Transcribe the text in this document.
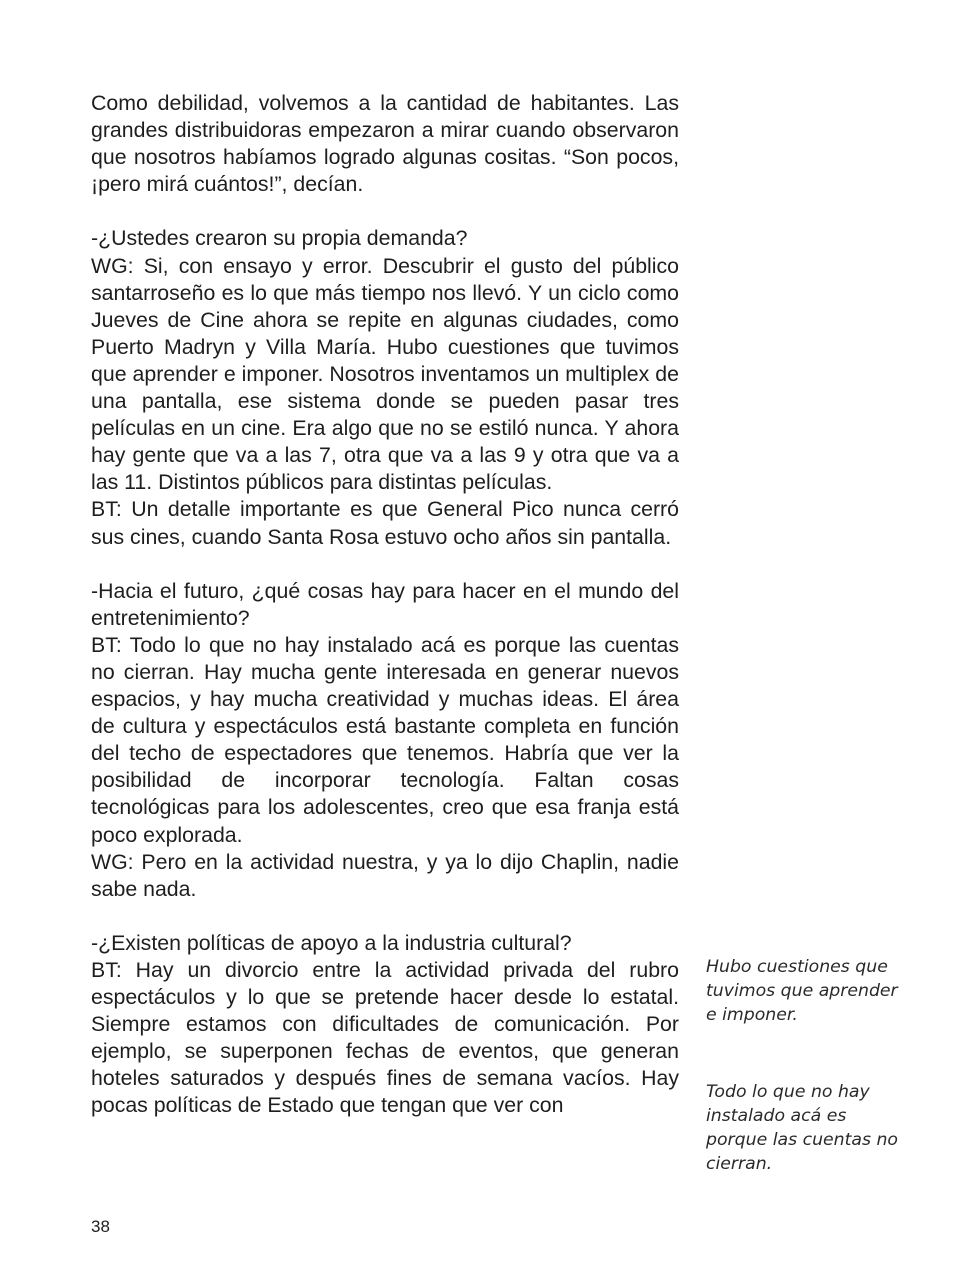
Como debilidad, volvemos a la cantidad de habitantes. Las grandes distribuidoras empezaron a mirar cuando observaron que nosotros habíamos logrado algunas cositas. “Son pocos, ¡pero mirá cuántos!”, decían.

-¿Ustedes crearon su propia demanda?

WG: Si, con ensayo y error. Descubrir el gusto del público santarroseño es lo que más tiempo nos llevó. Y un ciclo como Jueves de Cine ahora se repite en algunas ciudades, como Puerto Madryn y Villa María. Hubo cuestiones que tuvimos que aprender e imponer. Nosotros inventamos un multiplex de una pantalla, ese sistema donde se pueden pasar tres películas en un cine. Era algo que no se estiló nunca. Y ahora hay gente que va a las 7, otra que va a las 9 y otra que va a las 11. Distintos públicos para distintas películas.

BT: Un detalle importante es que General Pico nunca cerró sus cines, cuando Santa Rosa estuvo ocho años sin pantalla.

-Hacia el futuro, ¿qué cosas hay para hacer en el mundo del entretenimiento?

BT: Todo lo que no hay instalado acá es porque las cuentas no cierran. Hay mucha gente interesada en generar nuevos espacios, y hay mucha creatividad y muchas ideas. El área de cultura y espectáculos está bastante completa en función del techo de espectadores que tenemos. Habría que ver la posibilidad de incorporar tecnología. Faltan cosas tecnológicas para los adolescentes, creo que esa franja está poco explorada.

WG: Pero en la actividad nuestra, y ya lo dijo Chaplin, nadie sabe nada.

-¿Existen políticas de apoyo a la industria cultural?

BT: Hay un divorcio entre la actividad privada del rubro espectáculos y lo que se pretende hacer desde lo estatal. Siempre estamos con dificultades de comunicación. Por ejemplo, se superponen fechas de eventos, que generan hoteles saturados y después fines de semana vacíos. Hay pocas políticas de Estado que tengan que ver con

Hubo cuestiones que tuvimos que aprender e imponer.
Todo lo que no hay instalado acá es porque las cuentas no cierran.
38
